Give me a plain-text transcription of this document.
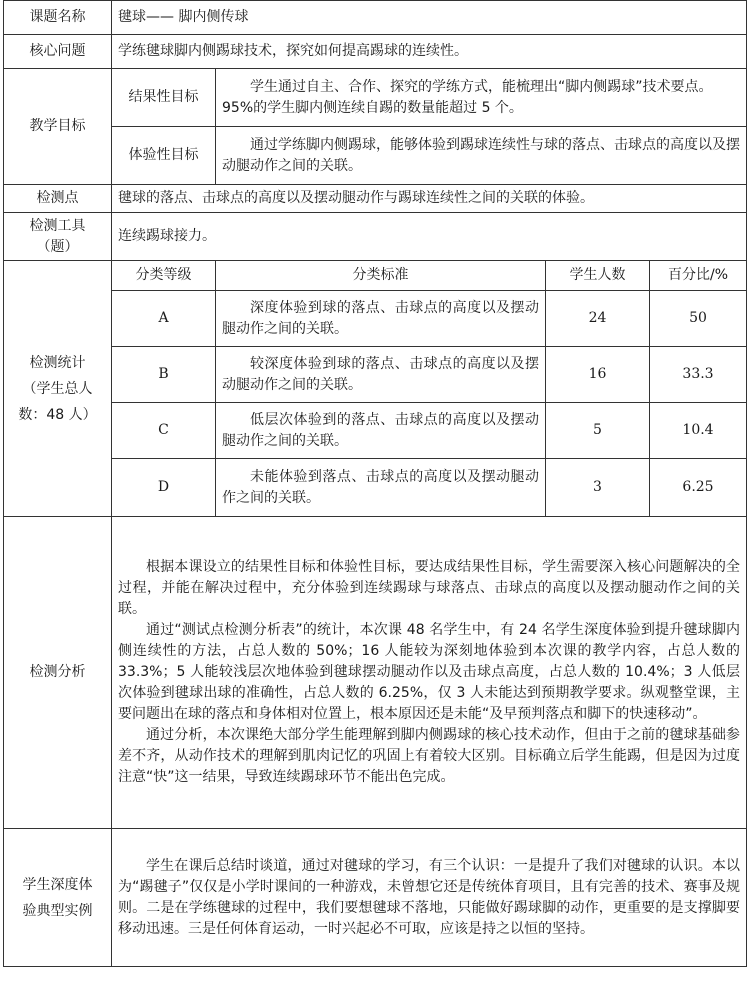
课题名称	毽球—— 脚内侧传球			
核心问题	学练毽球脚内侧踢球技术，探究如何提高踢球的连续性。			
教学目标	结果性目标	学生通过自主、合作、探究的学练方式，能梳理出“脚内侧踢球”技术要点。95%的学生脚内侧连续自踢的数量能超过 5 个。		

	体验性目标	通过学练脚内侧踢球，能够体验到踢球连续性与球的落点、击球点的高度以及摆动腿动作之间的关联。		

检测点	毽球的落点、击球点的高度以及摆动腿动作与踢球连续性之间的关联的体验。			

检测工具
（题）	连续踢球接力。			

检测统计
（学生总人
数：48 人）	分类等级	分类标准	学生人数	百分比/%
	A	深度体验到球的落点、击球点的高度以及摆动腿动作之间的关联。	24	50
	B	较深度体验到球的落点、击球点的高度以及摆动腿动作之间的关联。	16	33.3
	C	低层次体验到的落点、击球点的高度以及摆动腿动作之间的关联。	5	10.4
	D	未能体验到落点、击球点的高度以及摆动腿动作之间的关联。	3	6.25
检测分析	根据本课设立的结果性目标和体验性目标，要达成结果性目标，学生需要深入核心问题解决的全过程，并能在解决过程中，充分体验到连续踢球与球落点、击球点的高度以及摆动腿动作之间的关联。

通过“测试点检测分析表”的统计，本次课 48 名学生中，有 24 名学生深度体验到提升毽球脚内侧连续性的方法，占总人数的 50%；16 人能较为深刻地体验到本次课的教学内容，占总人数的 33.3%；5 人能较浅层次地体验到毽球摆动腿动作以及击球点高度，占总人数的 10.4%；3 人低层次体验到毽球出球的准确性，占总人数的 6.25%，仅 3 人未能达到预期教学要求。纵观整堂课，主要问题出在球的落点和身体相对位置上，根本原因还是未能“及早预判落点和脚下的快速移动”。

通过分析，本次课绝大部分学生能理解到脚内侧踢球的核心技术动作，但由于之前的毽球基础参差不齐，从动作技术的理解到肌肉记忆的巩固上有着较大区别。目标确立后学生能踢，但是因为过度注意“快”这一结果，导致连续踢球环节不能出色完成。			

学生深度体
验典型实例	学生在课后总结时谈道，通过对毽球的学习，有三个认识：一是提升了我们对毽球的认识。本以为“踢毽子”仅仅是小学时课间的一种游戏，未曾想它还是传统体育项目，且有完善的技术、赛事及规则。二是在学练毽球的过程中，我们要想毽球不落地，只能做好踢球脚的动作，更重要的是支撑脚要移动迅速。三是任何体育运动，一时兴起必不可取，应该是持之以恒的坚持。			
